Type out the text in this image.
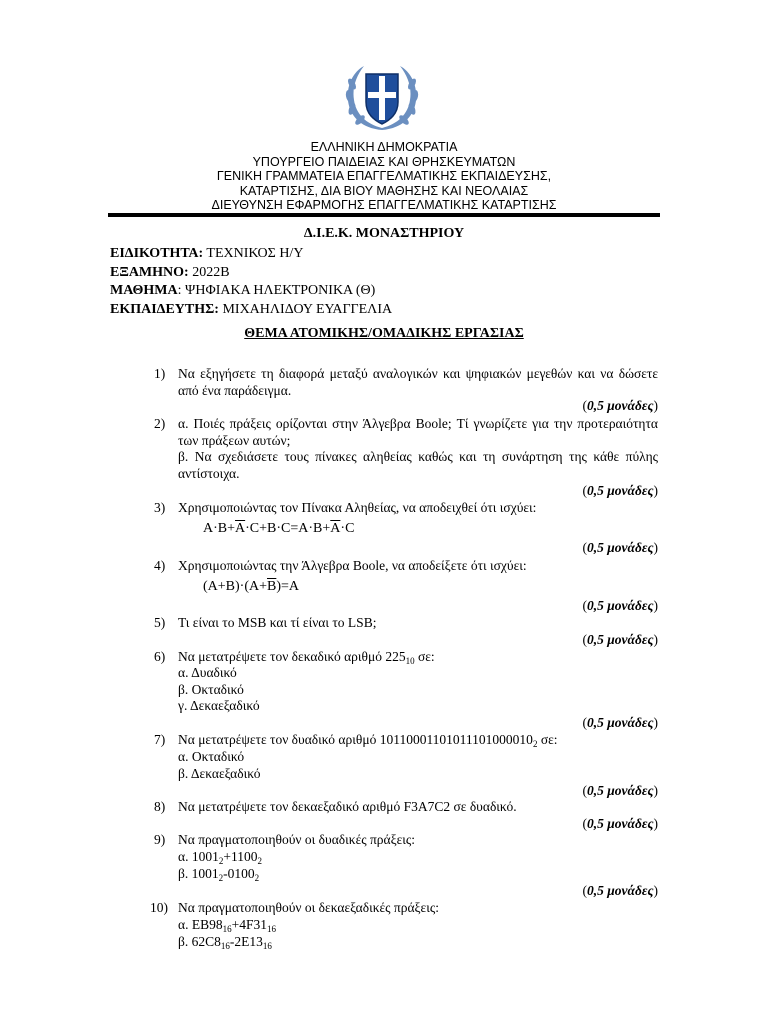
ΕΛΛΗΝΙΚΗ ΔΗΜΟΚΡΑΤΙΑ
ΥΠΟΥΡΓΕΙΟ ΠΑΙΔΕΙΑΣ ΚΑΙ ΘΡΗΣΚΕΥΜΑΤΩΝ
ΓΕΝΙΚΗ ΓΡΑΜΜΑΤΕΙΑ ΕΠΑΓΓΕΛΜΑΤΙΚΗΣ ΕΚΠΑΙΔΕΥΣΗΣ,
ΚΑΤΑΡΤΙΣΗΣ, ΔΙΑ ΒΙΟΥ ΜΑΘΗΣΗΣ ΚΑΙ ΝΕΟΛΑΙΑΣ
ΔΙΕΥΘΥΝΣΗ ΕΦΑΡΜΟΓΗΣ ΕΠΑΓΓΕΛΜΑΤΙΚΗΣ ΚΑΤΑΡΤΙΣΗΣ
Δ.Ι.Ε.Κ. ΜΟΝΑΣΤΗΡΙΟΥ
ΕΙΔΙΚΟΤΗΤΑ: ΤΕΧΝΙΚΟΣ Η/Υ
ΕΞΑΜΗΝΟ: 2022Β
ΜΑΘΗΜΑ: ΨΗΦΙΑΚΑ ΗΛΕΚΤΡΟΝΙΚΑ (Θ)
ΕΚΠΑΙΔΕΥΤΗΣ: ΜΙΧΑΗΛΙΔΟΥ ΕΥΑΓΓΕΛΙΑ
ΘΕΜΑ ΑΤΟΜΙΚΗΣ/ΟΜΑΔΙΚΗΣ ΕΡΓΑΣΙΑΣ
1) Να εξηγήσετε τη διαφορά μεταξύ αναλογικών και ψηφιακών μεγεθών και να δώσετε από ένα παράδειγμα.
(0,5 μονάδες)
2) α. Ποιές πράξεις ορίζονται στην Άλγεβρα Boole; Τί γνωρίζετε για την προτεραιότητα των πράξεων αυτών;
β. Να σχεδιάσετε τους πίνακες αληθείας καθώς και τη συνάρτηση της κάθε πύλης αντίστοιχα.
(0,5 μονάδες)
3) Χρησιμοποιώντας τον Πίνακα Αληθείας, να αποδειχθεί ότι ισχύει:
$A\cdot B+\overline{A}\cdot C+B\cdot C=A\cdot B+\overline{A}\cdot C$
(0,5 μονάδες)
4) Χρησιμοποιώντας την Άλγεβρα Boole, να αποδείξετε ότι ισχύει:
$(A+B)\cdot(A+\overline{B})=A$
(0,5 μονάδες)
5) Τι είναι το MSB και τί είναι το LSB;
(0,5 μονάδες)
6) Να μετατρέψετε τον δεκαδικό αριθμό $225_{10}$ σε:
α. Δυαδικό
β. Οκταδικό
γ. Δεκαεξαδικό
(0,5 μονάδες)
7) Να μετατρέψετε τον δυαδικό αριθμό $10110001101011101000010_2$ σε:
α. Οκταδικό
β. Δεκαεξαδικό
(0,5 μονάδες)
8) Να μετατρέψετε τον δεκαεξαδικό αριθμό F3A7C2 σε δυαδικό.
(0,5 μονάδες)
9) Να πραγματοποιηθούν οι δυαδικές πράξεις:
α. $1001_2+1100_2$
β. $1001_2-0100_2$
(0,5 μονάδες)
10) Να πραγματοποιηθούν οι δεκαεξαδικές πράξεις:
α. $EB98_{16}+4F31_{16}$
β. $62C8_{16}-2E13_{16}$
